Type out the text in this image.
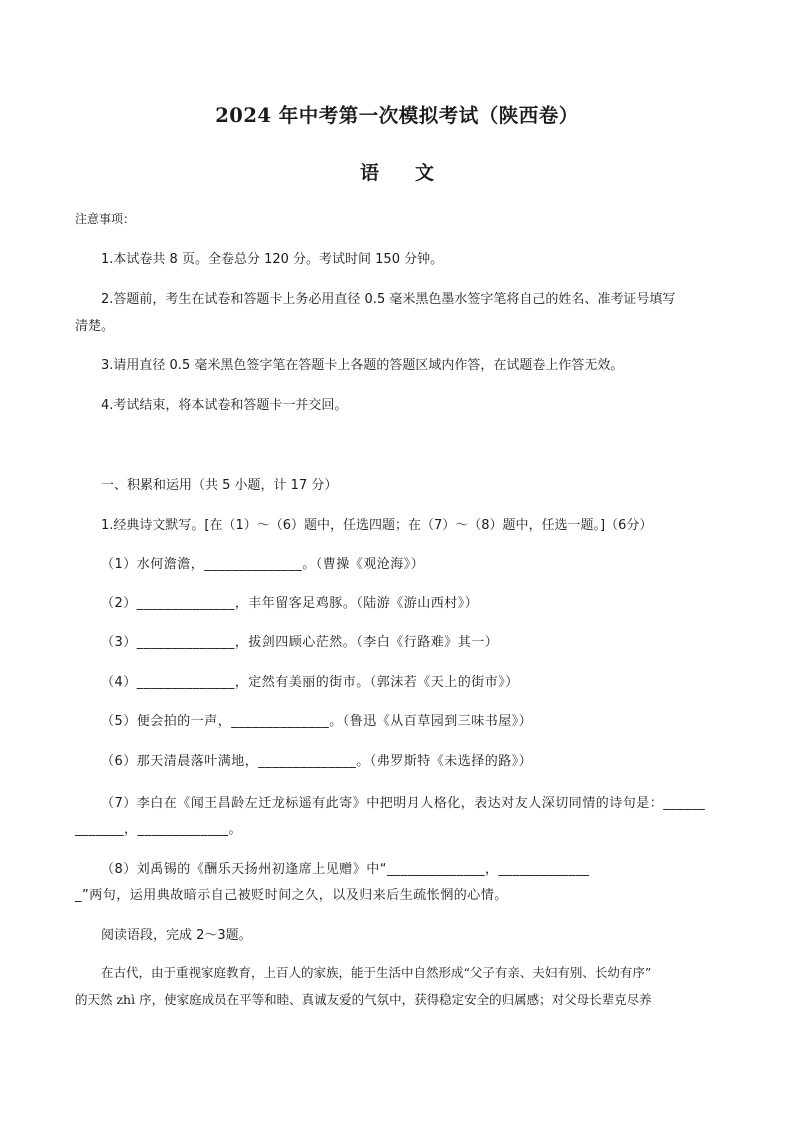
2024 年中考第一次模拟考试（陕西卷）
语文
注意事项：
1.本试卷共 8 页。全卷总分 120 分。考试时间 150 分钟。
2.答题前，考生在试卷和答题卡上务必用直径 0.5 毫米黑色墨水签字笔将自己的姓名、准考证号填写
清楚。
3.请用直径 0.5 毫米黑色签字笔在答题卡上各题的答题区域内作答，在试题卷上作答无效。
4.考试结束，将本试卷和答题卡一并交回。
一、积累和运用（共 5 小题，计 17 分）
1.经典诗文默写。[在（1）～（6）题中，任选四题；在（7）～（8）题中，任选一题。]（6分）
（1）水何澹澹，______________。（曹操《观沧海》）
（2）______________，丰年留客足鸡豚。（陆游《游山西村》）
（3）______________，拔剑四顾心茫然。（李白《行路难》其一）
（4）______________，定然有美丽的街市。（郭沫若《天上的街市》）
（5）便会拍的一声，______________。（鲁迅《从百草园到三味书屋》）
（6）那天清晨落叶满地，______________。（弗罗斯特《未选择的路》）
（7）李白在《闻王昌龄左迁龙标遥有此寄》中把明月人格化，表达对友人深切同情的诗句是：______
_______，_____________。
（8）刘禹锡的《酬乐天扬州初逢席上见赠》中“______________，_____________
_”两句，运用典故暗示自己被贬时间之久，以及归来后生疏怅惘的心情。
阅读语段，完成 2～3题。
在古代，由于重视家庭教育，上百人的家族，能于生活中自然形成“父子有亲、夫妇有别、长幼有序”
的天然 zhì 序，使家庭成员在平等和睦、真诚友爱的气氛中，获得稳定安全的归属感；对父母长辈克尽养
